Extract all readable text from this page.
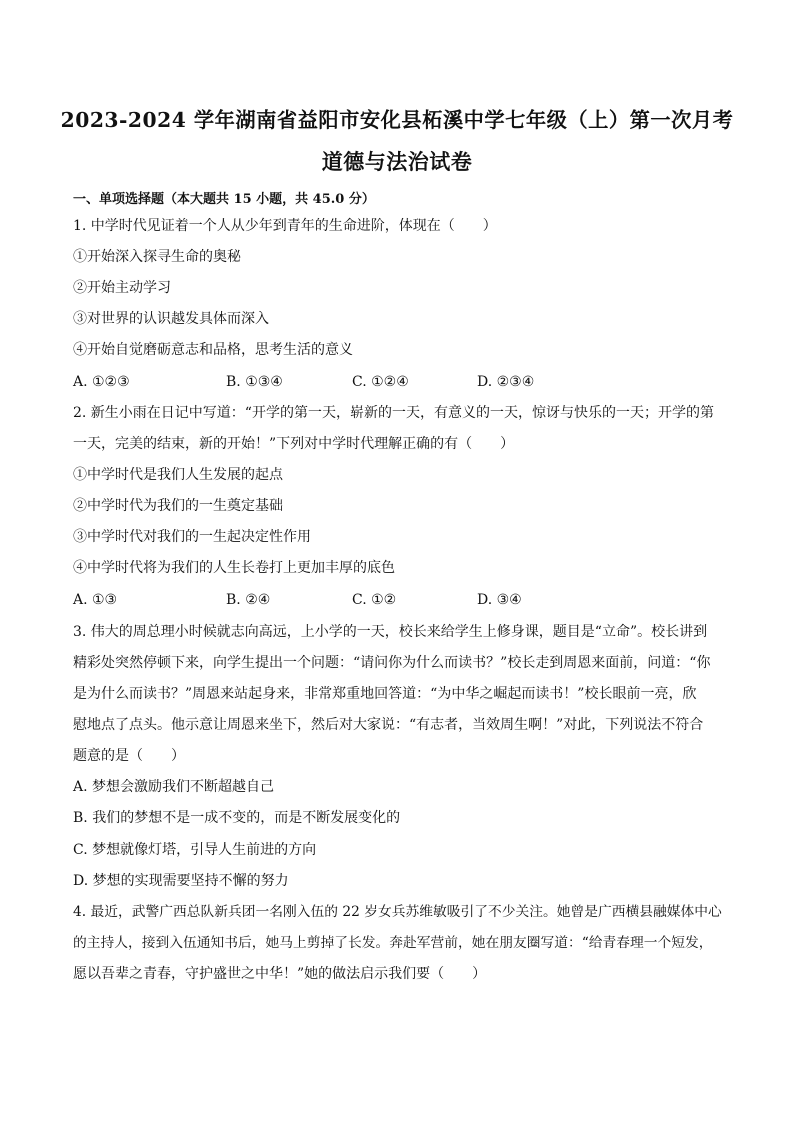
2023-2024 学年湖南省益阳市安化县柘溪中学七年级（上）第一次月考
道德与法治试卷
一、单项选择题（本大题共 15 小题，共 45.0 分）
1. 中学时代见证着一个人从少年到青年的生命进阶，体现在（　　）
①开始深入探寻生命的奥秘
②开始主动学习
③对世界的认识越发具体而深入
④开始自觉磨砺意志和品格，思考生活的意义
A. ①②③	B. ①③④	C. ①②④	D. ②③④
2. 新生小雨在日记中写道：“开学的第一天，崭新的一天，有意义的一天，惊讶与快乐的一天；开学的第
一天，完美的结束，新的开始！”下列对中学时代理解正确的有（　　）
①中学时代是我们人生发展的起点
②中学时代为我们的一生奠定基础
③中学时代对我们的一生起决定性作用
④中学时代将为我们的人生长卷打上更加丰厚的底色
A. ①③	B. ②④	C. ①②	D. ③④
3. 伟大的周总理小时候就志向高远，上小学的一天，校长来给学生上修身课，题目是“立命”。校长讲到
精彩处突然停顿下来，向学生提出一个问题：“请问你为什么而读书？”校长走到周恩来面前，问道：“你
是为什么而读书？”周恩来站起身来，非常郑重地回答道：“为中华之崛起而读书！”校长眼前一亮，欣
慰地点了点头。他示意让周恩来坐下，然后对大家说：“有志者，当效周生啊！”对此，下列说法不符合
题意的是（　　）
A. 梦想会激励我们不断超越自己
B. 我们的梦想不是一成不变的，而是不断发展变化的
C. 梦想就像灯塔，引导人生前进的方向
D. 梦想的实现需要坚持不懈的努力
4. 最近，武警广西总队新兵团一名刚入伍的 22 岁女兵苏维敏吸引了不少关注。她曾是广西横县融媒体中心
的主持人，接到入伍通知书后，她马上剪掉了长发。奔赴军营前，她在朋友圈写道：“给青春理一个短发，
愿以吾辈之青春，守护盛世之中华！”她的做法启示我们要（　　）
